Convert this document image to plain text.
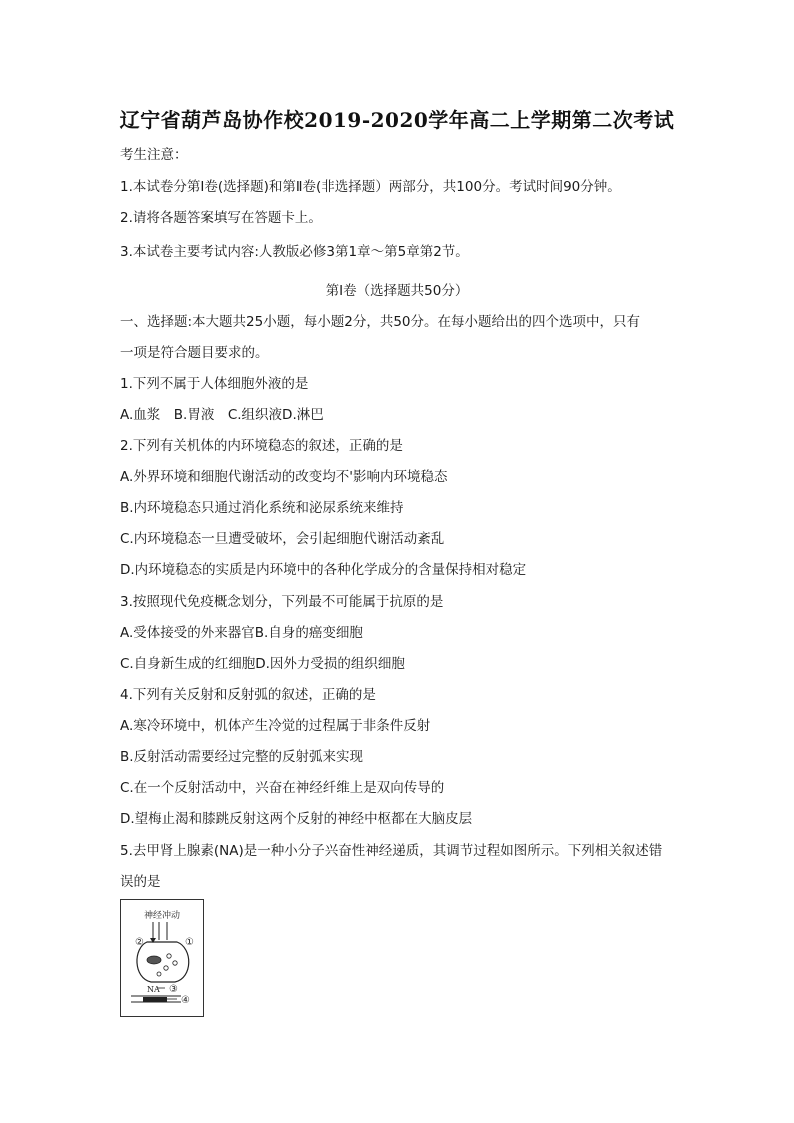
辽宁省葫芦岛协作校2019-2020学年高二上学期第二次考试
考生注意：
1.本试卷分第Ⅰ卷(选择题)和第Ⅱ卷(非选择题）两部分，共100分。考试时间90分钟。
2.请将各题答案填写在答题卡上。
3.本试卷主要考试内容:人教版必修3第1章～第5章第2节。
第Ⅰ卷（选择题共50分）
一、选择题:本大题共25小题，每小题2分，共50分。在每小题给出的四个选项中，只有
一项是符合题目要求的。
1.下列不属于人体细胞外液的是
A.血浆　B.胃液　C.组织液D.淋巴
2.下列有关机体的内环境稳态的叙述，正确的是
A.外界环境和细胞代谢活动的改变均不'影响内环境稳态
B.内环境稳态只通过消化系统和泌尿系统来维持
C.内环境稳态一旦遭受破坏，会引起细胞代谢活动紊乱
D.内环境稳态的实质是内环境中的各种化学成分的含量保持相对稳定
3.按照现代免疫概念划分，下列最不可能属于抗原的是
A.受体接受的外来器官B.自身的癌变细胞
C.自身新生成的红细胞D.因外力受损的组织细胞
4.下列有关反射和反射弧的叙述，正确的是
A.寒冷环境中，机体产生冷觉的过程属于非条件反射
B.反射活动需要经过完整的反射弧来实现
C.在一个反射活动中，兴奋在神经纤维上是双向传导的
D.望梅止渴和膝跳反射这两个反射的神经中枢都在大脑皮层
5.去甲肾上腺素(NA)是一种小分子兴奋性神经递质，其调节过程如图所示。下列相关叙述错
误的是
神经冲动
②	①
NA ③
④
